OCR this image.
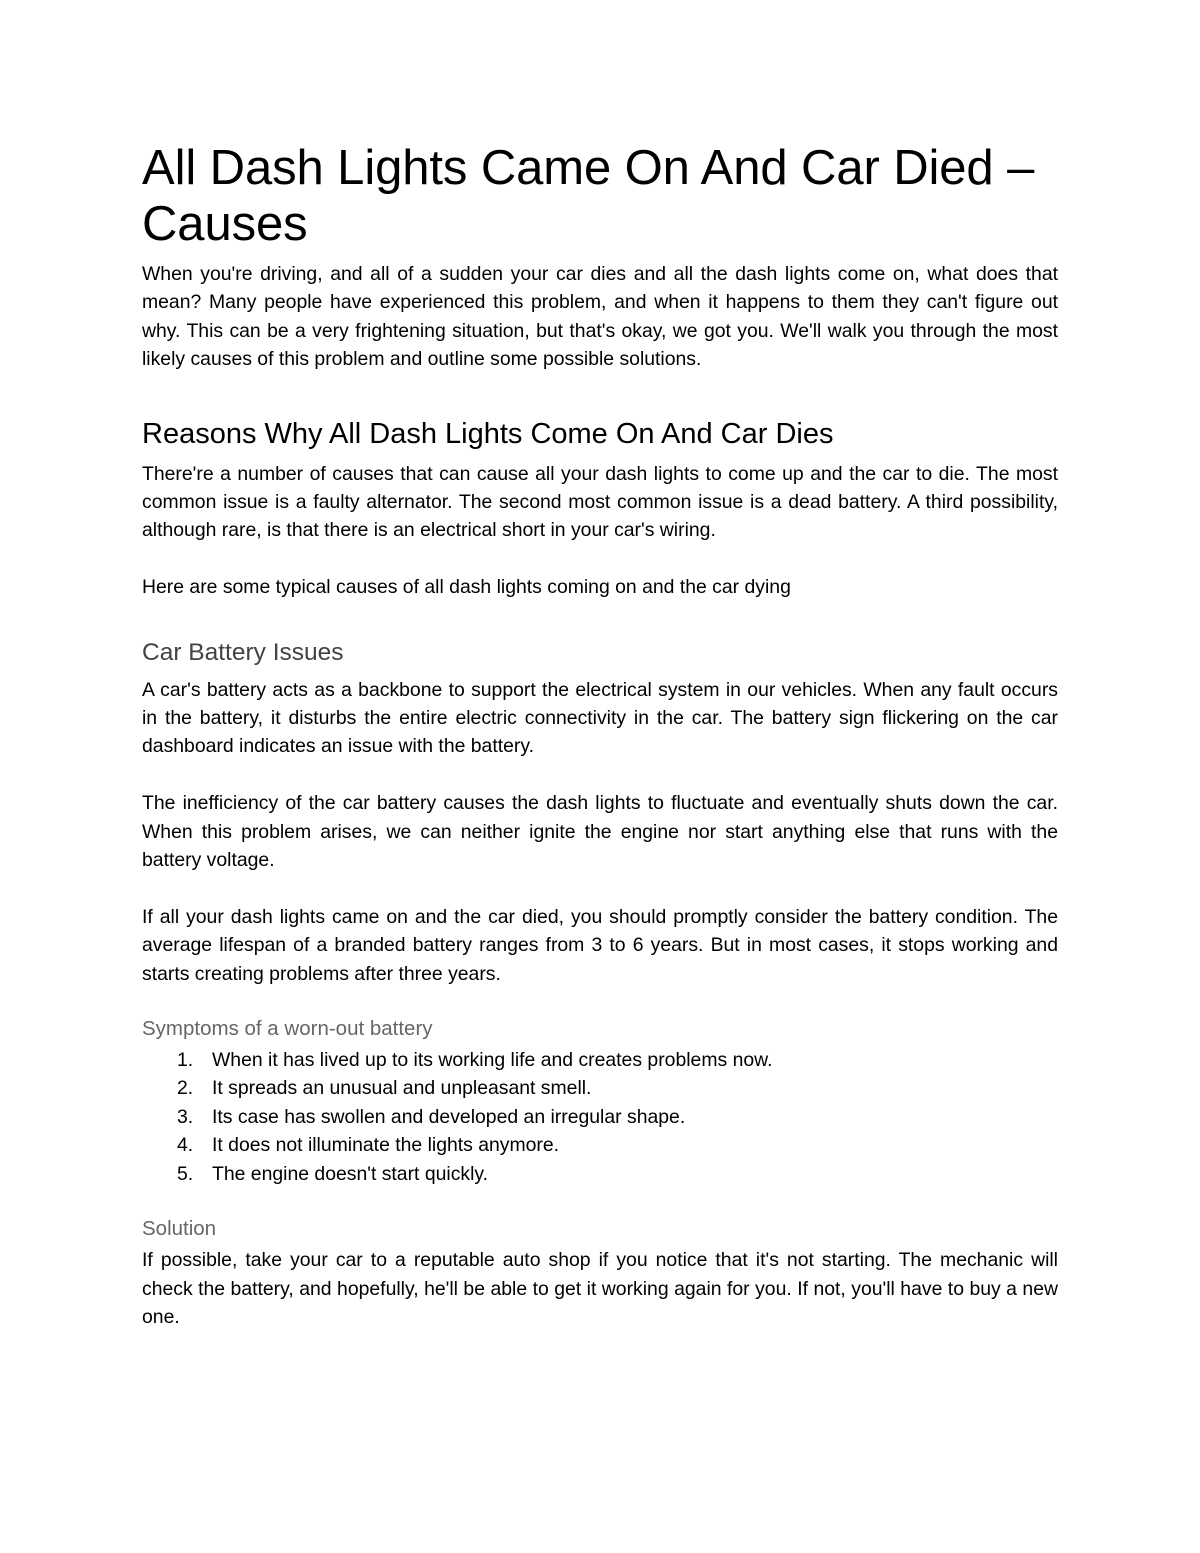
All Dash Lights Came On And Car Died – Causes

When you're driving, and all of a sudden your car dies and all the dash lights come on, what does that mean? Many people have experienced this problem, and when it happens to them they can't figure out why. This can be a very frightening situation, but that's okay, we got you. We'll walk you through the most likely causes of this problem and outline some possible solutions.

Reasons Why All Dash Lights Come On And Car Dies

There're a number of causes that can cause all your dash lights to come up and the car to die. The most common issue is a faulty alternator. The second most common issue is a dead battery. A third possibility, although rare, is that there is an electrical short in your car's wiring.

Here are some typical causes of all dash lights coming on and the car dying

Car Battery Issues

A car's battery acts as a backbone to support the electrical system in our vehicles. When any fault occurs in the battery, it disturbs the entire electric connectivity in the car. The battery sign flickering on the car dashboard indicates an issue with the battery.

The inefficiency of the car battery causes the dash lights to fluctuate and eventually shuts down the car. When this problem arises, we can neither ignite the engine nor start anything else that runs with the battery voltage.

If all your dash lights came on and the car died, you should promptly consider the battery condition. The average lifespan of a branded battery ranges from 3 to 6 years. But in most cases, it stops working and starts creating problems after three years.

Symptoms of a worn-out battery
1. When it has lived up to its working life and creates problems now.
2. It spreads an unusual and unpleasant smell.
3. Its case has swollen and developed an irregular shape.
4. It does not illuminate the lights anymore.
5. The engine doesn't start quickly.
Solution

If possible, take your car to a reputable auto shop if you notice that it's not starting. The mechanic will check the battery, and hopefully, he'll be able to get it working again for you. If not, you'll have to buy a new one.
